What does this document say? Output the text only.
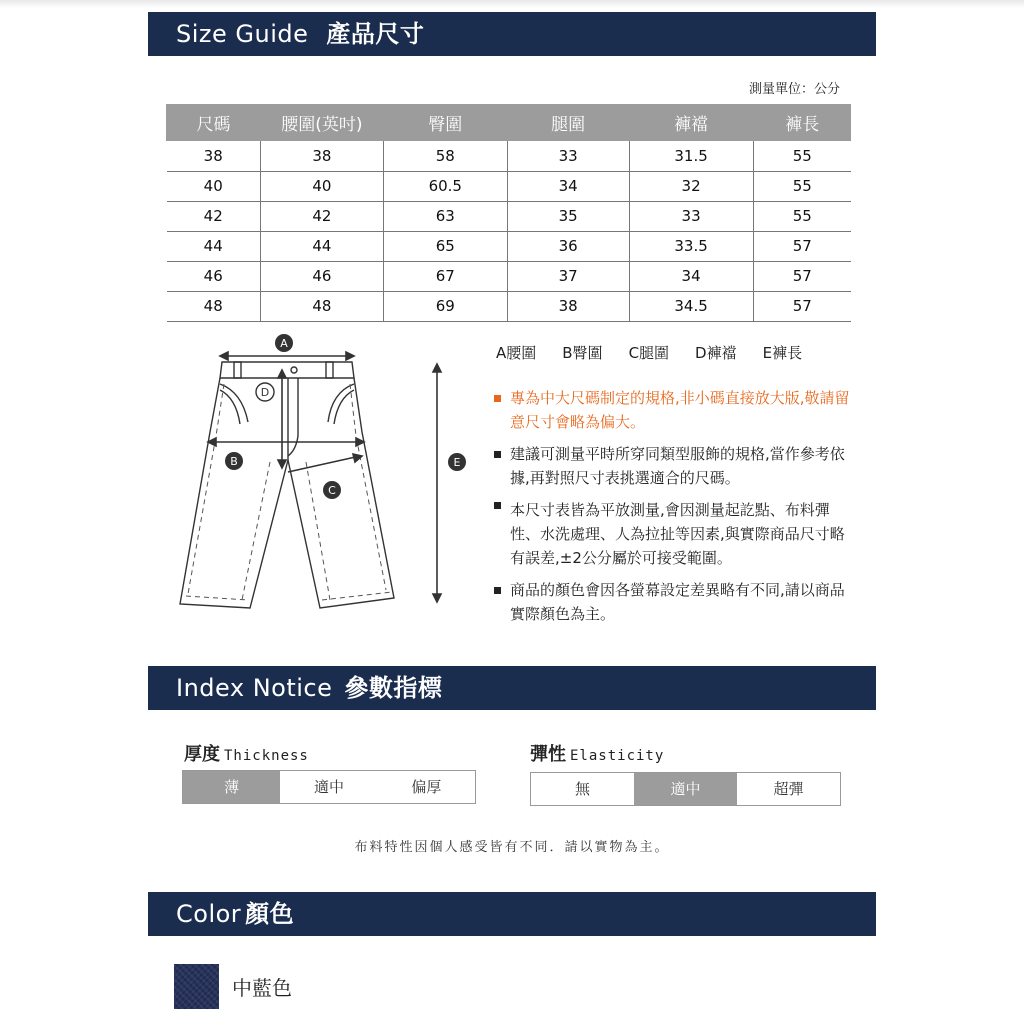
Size Guide 產品尺寸
測量單位：公分
尺碼	腰圍(英吋)	臀圍	腿圍	褲襠	褲長
38	38	58	33	31.5	55
40	40	60.5	34	32	55
42	42	63	35	33	55
44	44	65	36	33.5	57
46	46	67	37	34	57
48	48	69	38	34.5	57
A
B
C
D
E
A腰圍 B臀圍 C腿圍 D褲襠 E褲長
專為中大尺碼制定的規格,非小碼直接放大版,敬請留意尺寸會略為偏大。
建議可測量平時所穿同類型服飾的規格,當作參考依據,再對照尺寸表挑選適合的尺碼。
本尺寸表皆為平放測量,會因測量起訖點、布料彈性、水洗處理、人為拉扯等因素,與實際商品尺寸略有誤差,±2公分屬於可接受範圍。
商品的顏色會因各螢幕設定差異略有不同,請以商品實際顏色為主。
Index Notice 參數指標
厚度 Thickness
薄	適中	偏厚
彈性 Elasticity
無	適中	超彈
布料特性因個人感受皆有不同．請以實物為主。
Color 顏色
中藍色
